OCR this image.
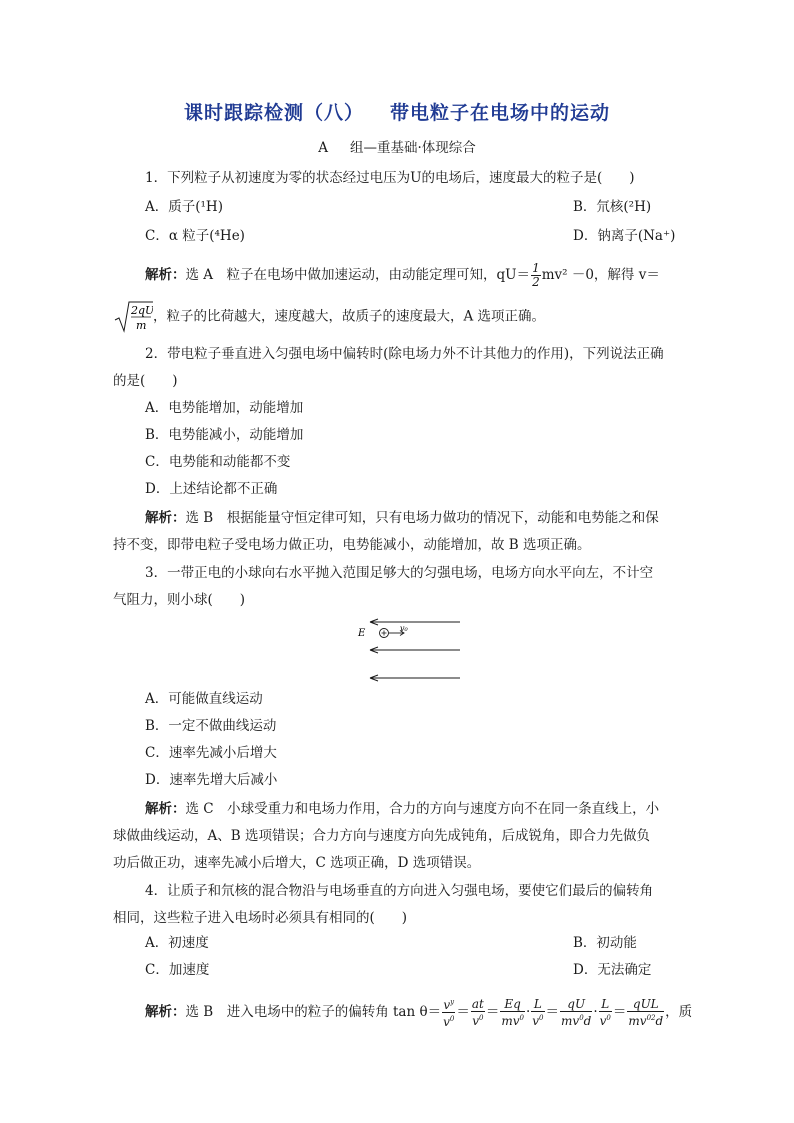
课时跟踪检测（八） 带电粒子在电场中的运动
A 组—重基础·体现综合
1．下列粒子从初速度为零的状态经过电压为U的电场后，速度最大的粒子是(　　)
A．质子(¹H)	B．氘核(²H)
C．α 粒子(⁴He)	D．钠离子(Na⁺)
解析：选 A　粒子在电场中做加速运动，由动能定理可知，$qU= \frac{1}{2} mv^2 -0$，解得 v＝
2qU
m
，粒子的比荷越大，速度越大，故质子的速度最大，A 选项正确。
2．带电粒子垂直进入匀强电场中偏转时(除电场力外不计其他力的作用)，下列说法正确
的是(　　)
A．电势能增加，动能增加
B．电势能减小，动能增加
C．电势能和动能都不变
D．上述结论都不正确
解析：选 B　根据能量守恒定律可知，只有电场力做功的情况下，动能和电势能之和保
持不变，即带电粒子受电场力做正功，电势能减小，动能增加，故 B 选项正确。
3．一带正电的小球向右水平抛入范围足够大的匀强电场，电场方向水平向左，不计空
气阻力，则小球(　　)
E	v₀
A．可能做直线运动
B．一定不做曲线运动
C．速率先减小后增大
D．速率先增大后减小
解析：选 C　小球受重力和电场力作用，合力的方向与速度方向不在同一条直线上，小
球做曲线运动，A、B 选项错误；合力方向与速度方向先成钝角，后成锐角，即合力先做负
功后做正功，速率先减小后增大，C 选项正确，D 选项错误。
4．让质子和氘核的混合物沿与电场垂直的方向进入匀强电场，要使它们最后的偏转角
相同，这些粒子进入电场时必须具有相同的(　　)
A．初速度	B．初动能
C．加速度	D．无法确定
解析：选 B　进入电场中的粒子的偏转角 $\tan \theta= \frac{v^y}{v^0} = \frac{at}{v^0} = \frac{Eq}{mv^0} \cdot \frac{L}{v^0} = \frac{qU}{mv^0d} \cdot \frac{L}{v^0} = \frac{\text{qUL}}{mv^{02}d}$ ，质
